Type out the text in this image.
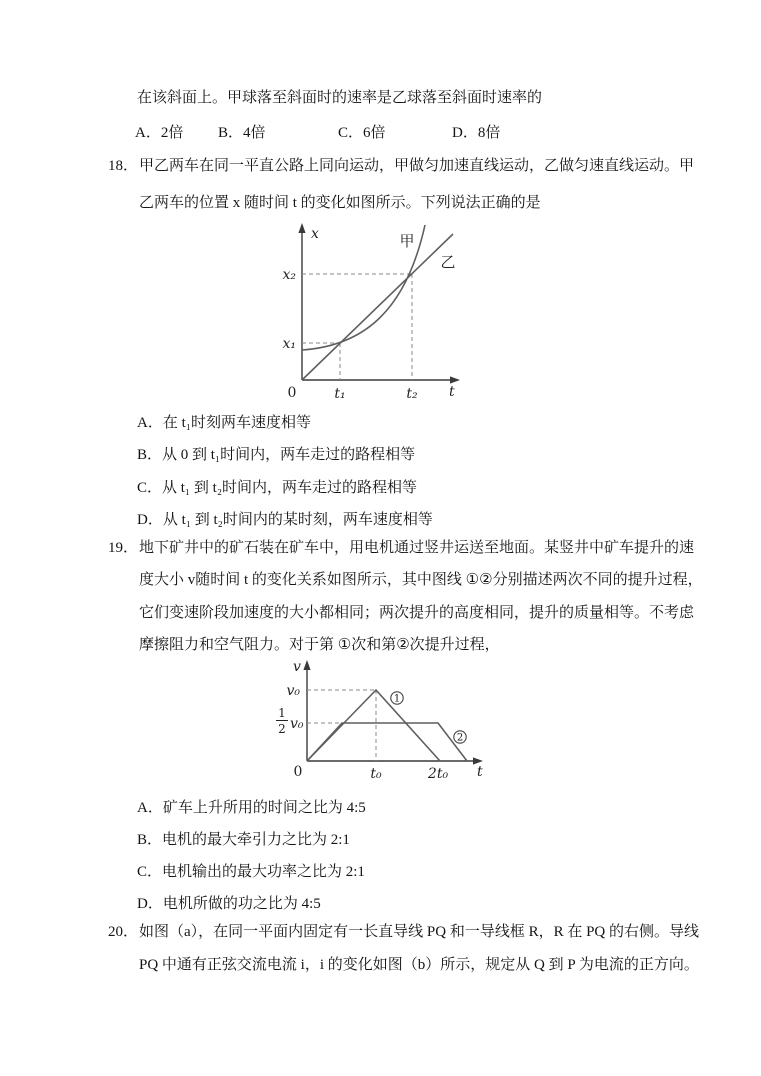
在该斜面上。甲球落至斜面时的速率是乙球落至斜面时速率的
A．2倍 B．4倍	C．6倍	D．8倍
18． 甲乙两车在同一平直公路上同向运动，甲做匀加速直线运动，乙做匀速直线运动。甲
乙两车的位置 x 随时间 t 的变化如图所示。下列说法正确的是
x
t
0	t₁	t₂
x₁
x₂
甲
乙
A．在 t₁时刻两车速度相等
B．从 0 到 t₁时间内，两车走过的路程相等
C．从 t₁ 到 t₂时间内，两车走过的路程相等
D．从 t₁ 到 t₂时间内的某时刻，两车速度相等
19． 地下矿井中的矿石装在矿车中，用电机通过竖井运送至地面。某竖井中矿车提升的速
度大小 v随时间 t 的变化关系如图所示，其中图线 ①②分别描述两次不同的提升过程，
它们变速阶段加速度的大小都相同；两次提升的高度相同，提升的质量相等。不考虑
摩擦阻力和空气阻力。对于第 ①次和第②次提升过程，
1
2
v
v₀
1
2 v₀
0	t₀	2t₀ t
A．矿车上升所用的时间之比为 4:5
B．电机的最大牵引力之比为 2:1
C．电机输出的最大功率之比为 2:1
D．电机所做的功之比为 4:5
20． 如图（a），在同一平面内固定有一长直导线 PQ 和一导线框 R，R 在 PQ 的右侧。导线
PQ 中通有正弦交流电流 i，i 的变化如图（b）所示，规定从 Q 到 P 为电流的正方向。
